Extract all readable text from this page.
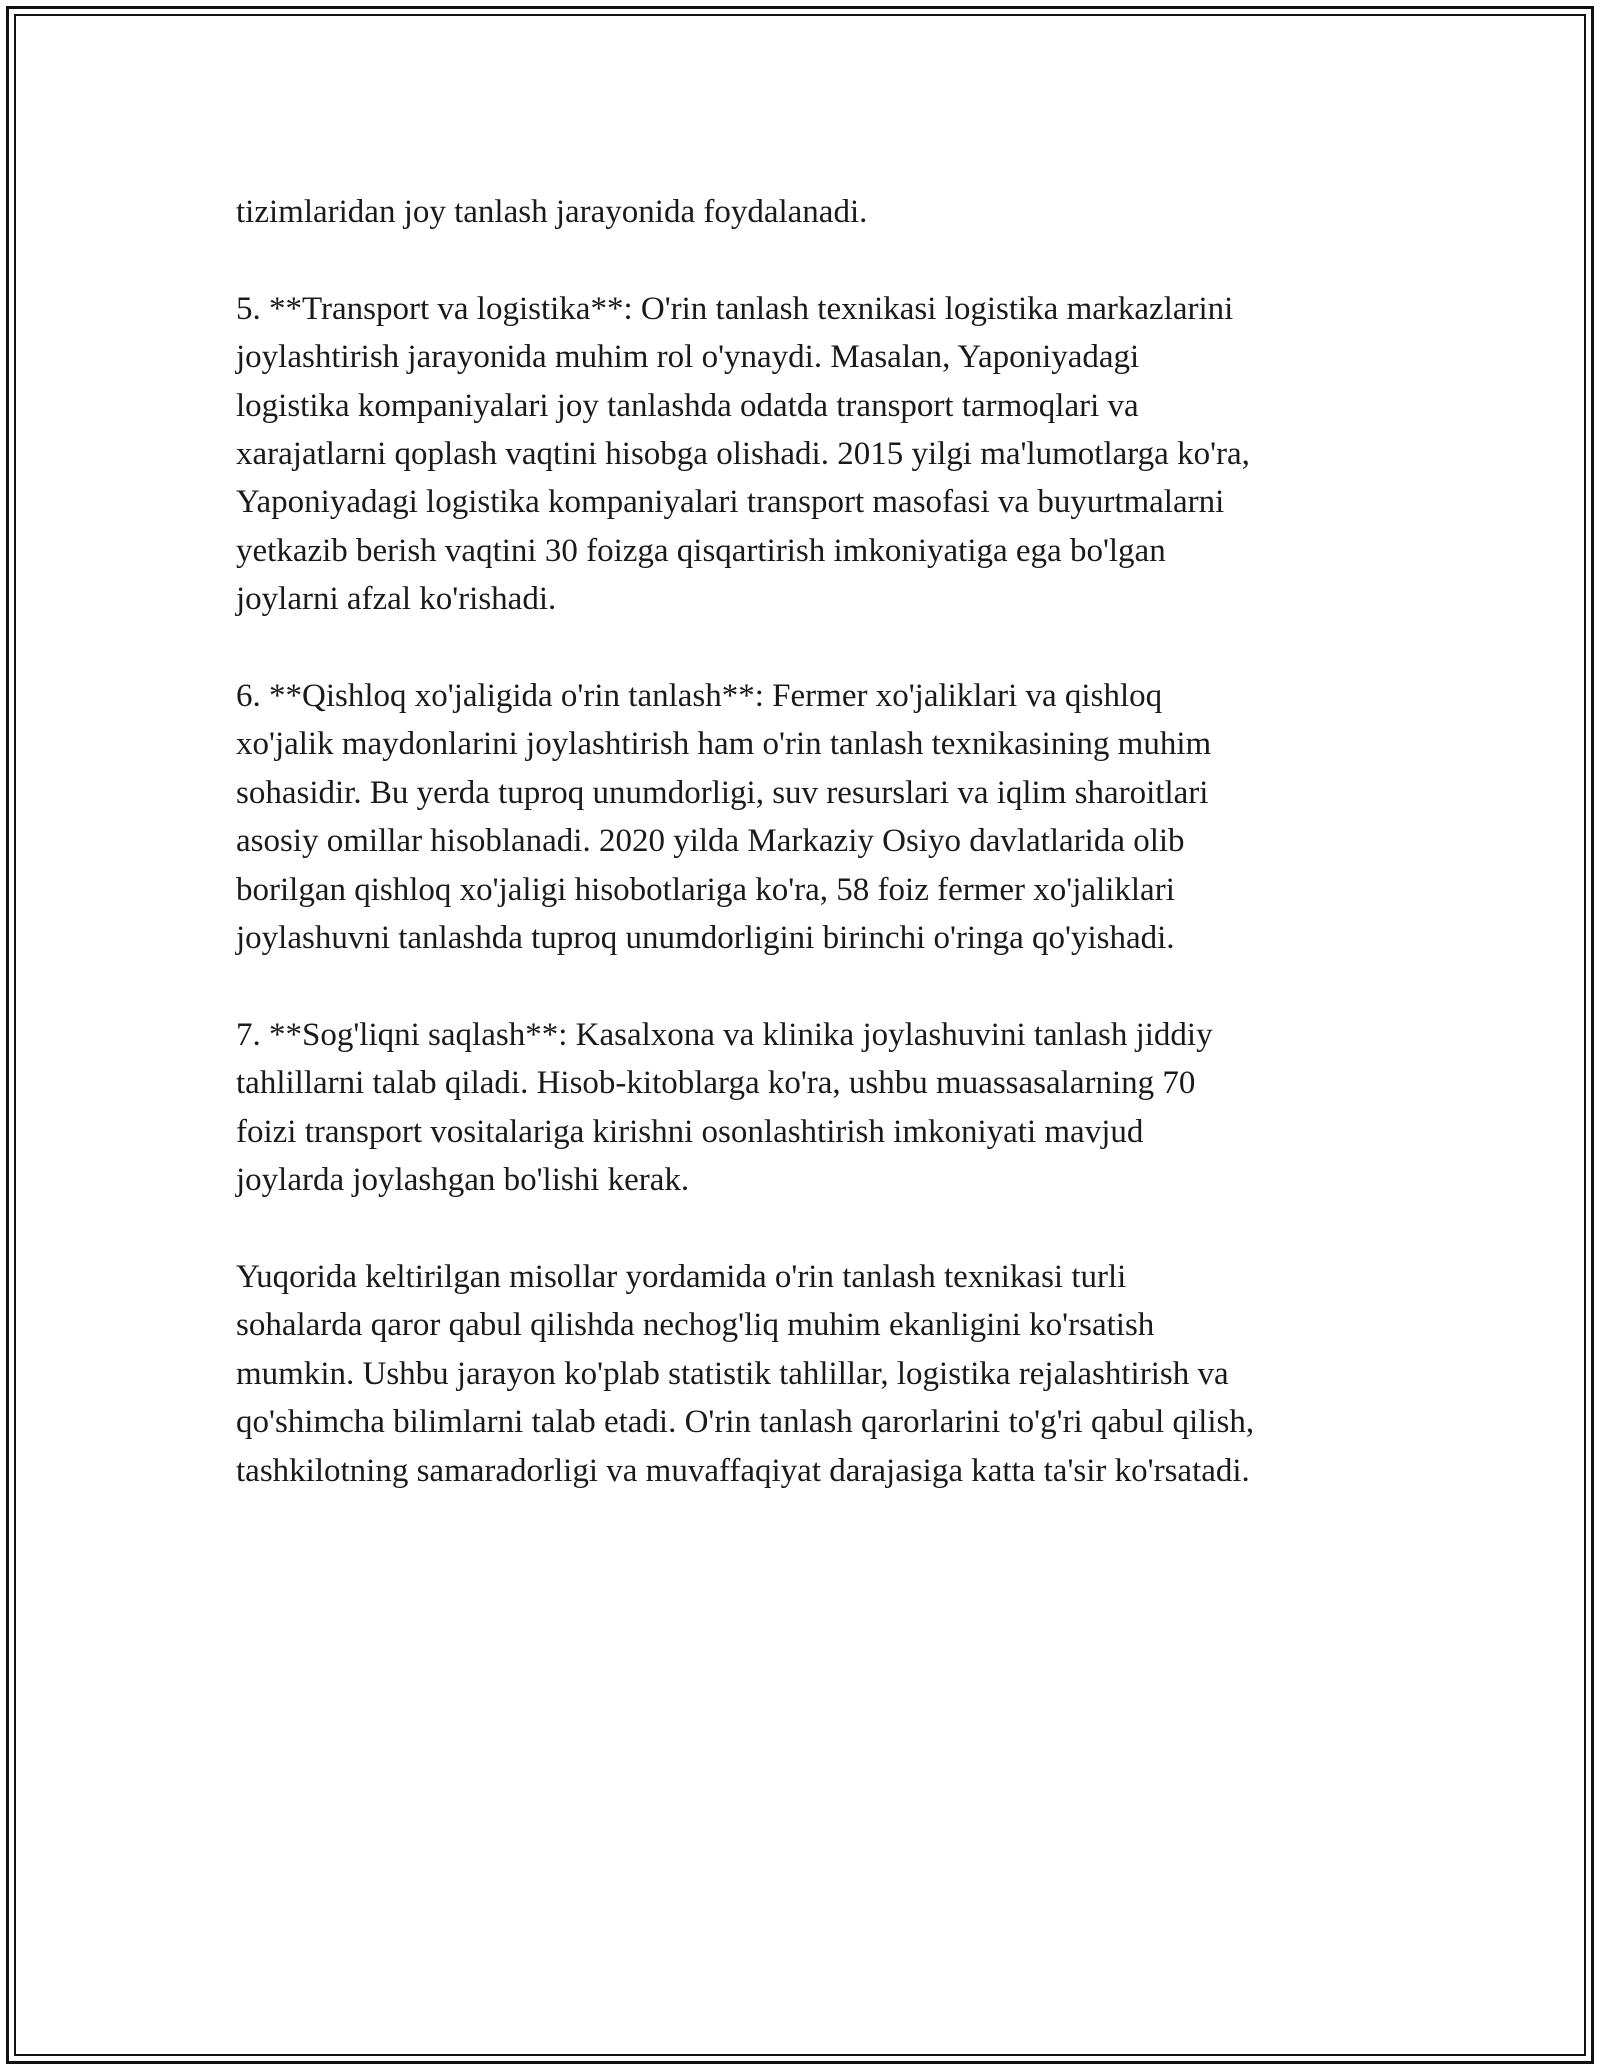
tizimlaridan joy tanlash jarayonida foydalanadi.

5. **Transport va logistika**: O'rin tanlash texnikasi logistika markazlarini
joylashtirish jarayonida muhim rol o'ynaydi. Masalan, Yaponiyadagi
logistika kompaniyalari joy tanlashda odatda transport tarmoqlari va
xarajatlarni qoplash vaqtini hisobga olishadi. 2015 yilgi ma'lumotlarga ko'ra,
Yaponiyadagi logistika kompaniyalari transport masofasi va buyurtmalarni
yetkazib berish vaqtini 30 foizga qisqartirish imkoniyatiga ega bo'lgan
joylarni afzal ko'rishadi.

6. **Qishloq xo'jaligida o'rin tanlash**: Fermer xo'jaliklari va qishloq
xo'jalik maydonlarini joylashtirish ham o'rin tanlash texnikasining muhim
sohasidir. Bu yerda tuproq unumdorligi, suv resurslari va iqlim sharoitlari
asosiy omillar hisoblanadi. 2020 yilda Markaziy Osiyo davlatlarida olib
borilgan qishloq xo'jaligi hisobotlariga ko'ra, 58 foiz fermer xo'jaliklari
joylashuvni tanlashda tuproq unumdorligini birinchi o'ringa qo'yishadi.

7. **Sog'liqni saqlash**: Kasalxona va klinika joylashuvini tanlash jiddiy
tahlillarni talab qiladi. Hisob-kitoblarga ko'ra, ushbu muassasalarning 70
foizi transport vositalariga kirishni osonlashtirish imkoniyati mavjud
joylarda joylashgan bo'lishi kerak.

Yuqorida keltirilgan misollar yordamida o'rin tanlash texnikasi turli
sohalarda qaror qabul qilishda nechog'liq muhim ekanligini ko'rsatish
mumkin. Ushbu jarayon ko'plab statistik tahlillar, logistika rejalashtirish va
qo'shimcha bilimlarni talab etadi. O'rin tanlash qarorlarini to'g'ri qabul qilish,
tashkilotning samaradorligi va muvaffaqiyat darajasiga katta ta'sir ko'rsatadi.
